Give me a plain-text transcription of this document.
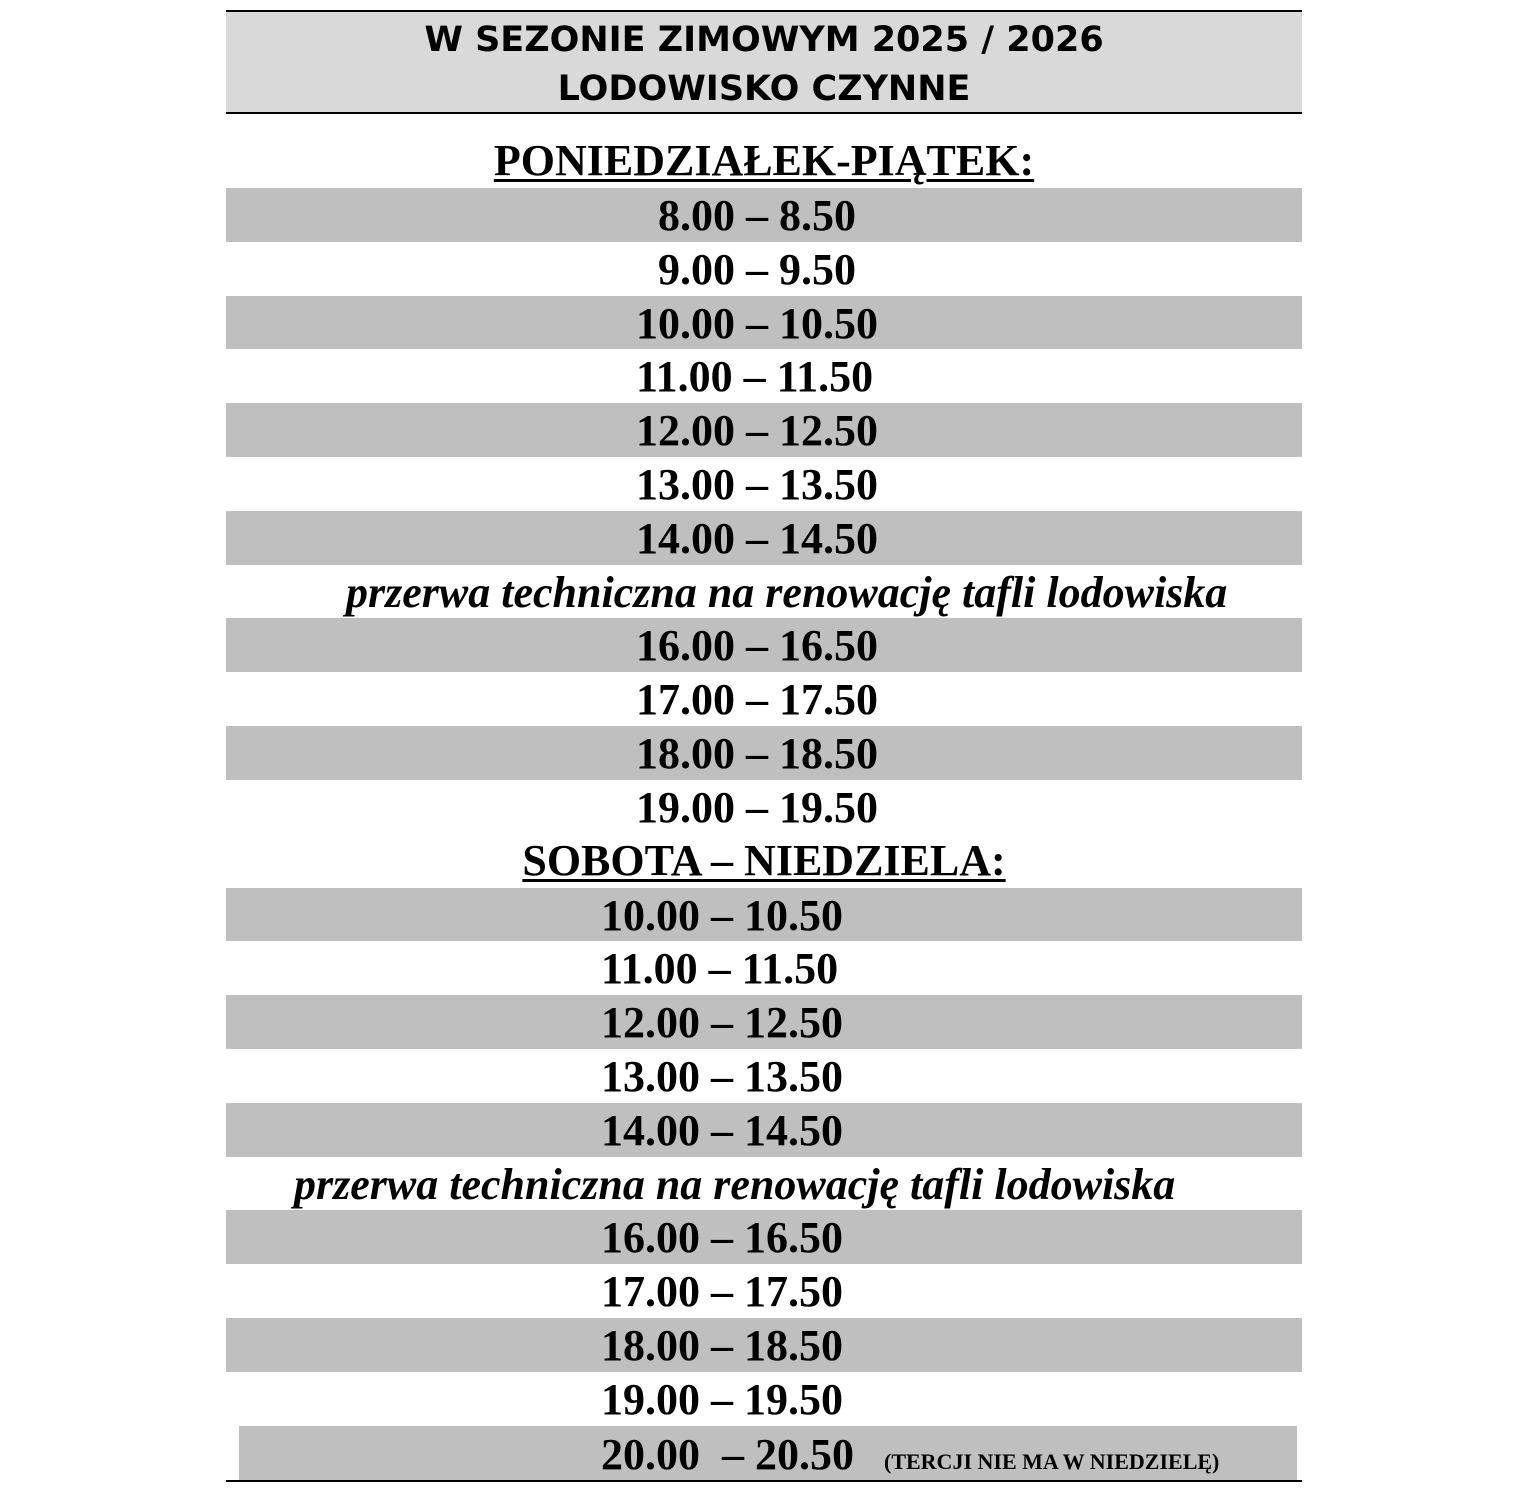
W SEZONIE ZIMOWYM 2025 / 2026
LODOWISKO CZYNNE
PONIEDZIAŁEK-PIĄTEK:
8.00 – 8.50
9.00 – 9.50
10.00 – 10.50
11.00 – 11.50
12.00 – 12.50
13.00 – 13.50
14.00 – 14.50
przerwa techniczna na renowację tafli lodowiska
16.00 – 16.50
17.00 – 17.50
18.00 – 18.50
19.00 – 19.50
SOBOTA – NIEDZIELA:
10.00 – 10.50
11.00 – 11.50
12.00 – 12.50
13.00 – 13.50
14.00 – 14.50
przerwa techniczna na renowację tafli lodowiska
16.00 – 16.50
17.00 – 17.50
18.00 – 18.50
19.00 – 19.50
20.00  – 20.50 (TERCJI NIE MA W NIEDZIELĘ)
